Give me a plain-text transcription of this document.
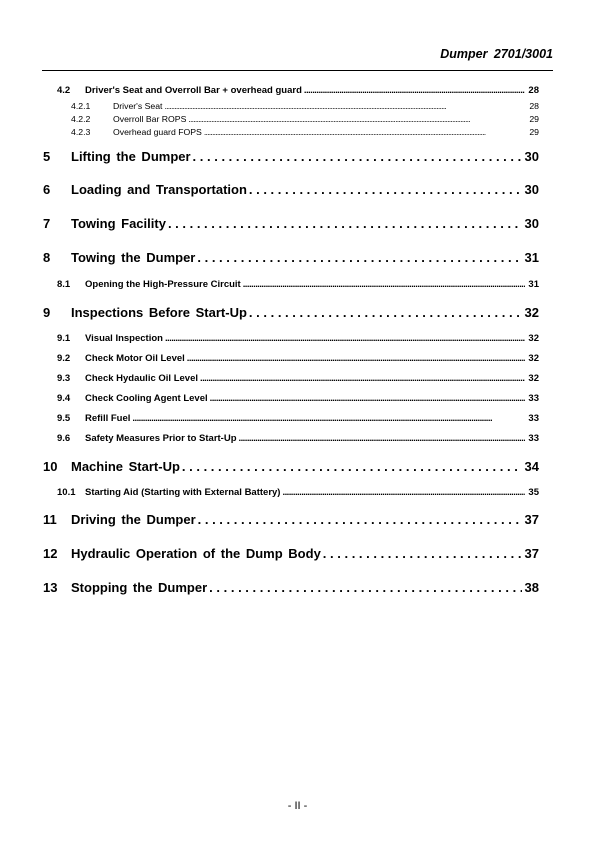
Dumper 2701/3001
4.2	Driver's Seat and Overroll Bar + overhead guard . . .	28
4.2.1	Driver's Seat . . .	28
4.2.2	Overroll Bar ROPS . . .	29
4.2.3	Overhead guard FOPS . . .	29
5	Lifting the Dumper . . .	30
6	Loading and Transportation . . .	30
7	Towing Facility . . .	30
8	Towing the Dumper . . .	31
8.1	Opening the High-Pressure Circuit . . .	31
9	Inspections Before Start-Up . . .	32
9.1	Visual Inspection . . .	32
9.2	Check Motor Oil Level . . .	32
9.3	Check Hydaulic Oil Level . . .	32
9.4	Check Cooling Agent Level . . .	33
9.5	Refill Fuel . . .	33
9.6	Safety Measures Prior to Start-Up . . .	33
10	Machine Start-Up . . .	34
10.1	Starting Aid (Starting with External Battery) . . .	35
11	Driving the Dumper . . .	37
12	Hydraulic Operation of the Dump Body . . .	37
13	Stopping the Dumper . . .	38
- II -
